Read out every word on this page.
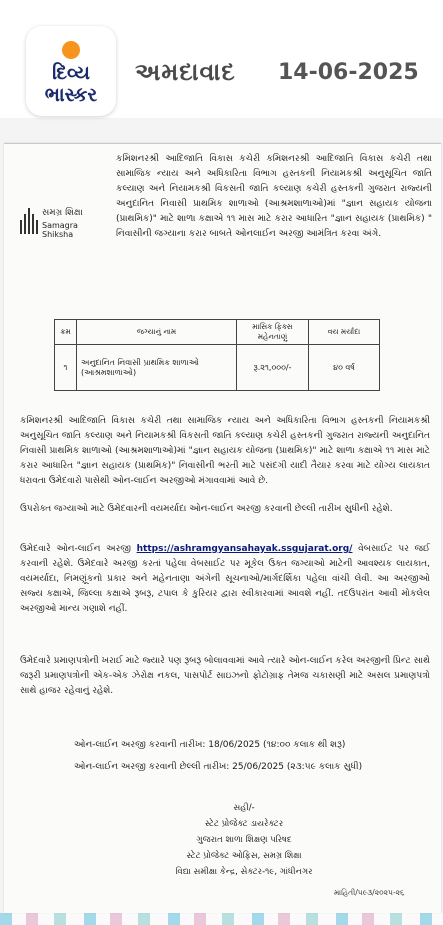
દિવ્ય
ભાસ્કર
અમદાવાદ 14-06-2025
સમગ્ર શિક્ષા
Samagra Shiksha
કમિશનરશ્રી આદિજાતિ વિકાસ કચેરી કમિશનરશ્રી આદિજાતિ વિકાસ કચેરી તથા સામાજિક ન્યાય અને અધિકારિતા વિભાગ હસ્તકની નિયામકશ્રી અનુસૂચિત જાતિ કલ્યાણ અને નિયામકશ્રી વિકસતી જાતિ કલ્યાણ કચેરી હસ્તકની ગુજરાત રાજ્યની અનુદાનિત નિવાસી પ્રાથમિક શાળાઓ (આશ્રમશાળાઓ)માં "જ્ઞાન સહાયક યોજના (પ્રાથમિક)" માટે શાળા કક્ષાએ ૧૧ માસ માટે કરાર આધારિત "જ્ઞાન સહાયક (પ્રાથમિક) " નિવાસીની જગ્યાના કરાર બાબતે ઓનલાઈન અરજી આમંત્રિત કરવા અંગે.
ક્રમ	જગ્યાનું નામ	માસિક ફિક્સ મહેનતાણું	વય મર્યાદા
૧	અનુદાનિત નિવાસી પ્રાથમિક શાળાઓ (આશ્રમશાળાઓ)	રૂ.૨૧,૦૦૦/-	૪૦ વર્ષ
કમિશનરશ્રી આદિજાતિ વિકાસ કચેરી તથા સામાજિક ન્યાય અને અધિકારિતા વિભાગ હસ્તકની નિયામકશ્રી અનુસૂચિત જાતિ કલ્યાણ અને નિયામકશ્રી વિકસતી જાતિ કલ્યાણ કચેરી હસ્તકની ગુજરાત રાજ્યની અનુદાનિત નિવાસી પ્રાથમિક શાળાઓ (આશ્રમશાળાઓ)માં "જ્ઞાન સહાયક યોજના (પ્રાથમિક)" માટે શાળા કક્ષાએ ૧૧ માસ માટે કરાર આધારિત "જ્ઞાન સહાયક (પ્રાથમિક)" નિવાસીની ભરતી માટે પસંદગી યાદી તૈયાર કરવા માટે યોગ્ય લાયકાત ધરાવતા ઉમેદવારો પાસેથી ઓન-લાઈન અરજીઓ મંગાવવામાં આવે છે.
ઉપરોક્ત જગ્યાઓ માટે ઉમેદવારની વયમર્યાદા ઓન-લાઈન અરજી કરવાની છેલ્લી તારીખ સુધીની રહેશે.
ઉમેદવારે ઓન-લાઈન અરજી https://ashramgyansahayak.ssgujarat.org/ વેબસાઈટ પર જઈ કરવાની રહેશે. ઉમેદવારે અરજી કરતાં પહેલા વેબસાઈટ પર મૂકેલ ઉક્ત જગ્યાઓ માટેની આવશ્યક લાયકાત, વયમર્યાદા, નિમણૂંકનો પ્રકાર અને મહેનતાણા અંગેની સૂચનાઓ/માર્ગદર્શિકા પહેલા વાંચી લેવી. આ અરજીઓ સજ્ય કક્ષાએ, જિલ્લા કક્ષાએ રૂબરૂ, ટપાલ કે કુરિયર દ્વારા સ્વીકારવામાં આવશે નહીં. તદઉપરાંત આવી મોકલેલ અરજીઓ માન્ય ગણાશે નહીં.
ઉમેદવારે પ્રમાણપત્રોની ખરાઈ માટે જ્યારે પણ રૂબરૂ બોલાવવામાં આવે ત્યારે ઓન-લાઈન કરેલ અરજીની પ્રિન્ટ સાથે જરૂરી પ્રમાણપત્રોની એક-એક ઝેરોક્ષ નકલ, પાસપોર્ટ સાઇઝનો ફોટોગ્રાફ તેમજ ચકાસણી માટે અસલ પ્રમાણપત્રો સાથે હાજર રહેવાનું રહેશે.
ઓન-લાઈન અરજી કરવાની તારીખ: 18/06/2025 (૧૪:૦૦ કલાક થી શરૂ)
ઓન-લાઈન અરજી કરવાની છેલ્લી તારીખ: 25/06/2025 (૨૩:૫૯ કલાક સુધી)
સહી/-
સ્ટેટ પ્રોજેક્ટ ડાયરેક્ટર
ગુજરાત શાળા શિક્ષણ પરિષદ
સ્ટેટ પ્રોજેક્ટ ઓફિસ, સમગ્ર શિક્ષા
વિદ્યા સમીક્ષા કેન્દ્ર, સેક્ટર-૧૯, ગાંધીનગર
માહિતી/૫૯૩/૨૦૨૫-૨૬
